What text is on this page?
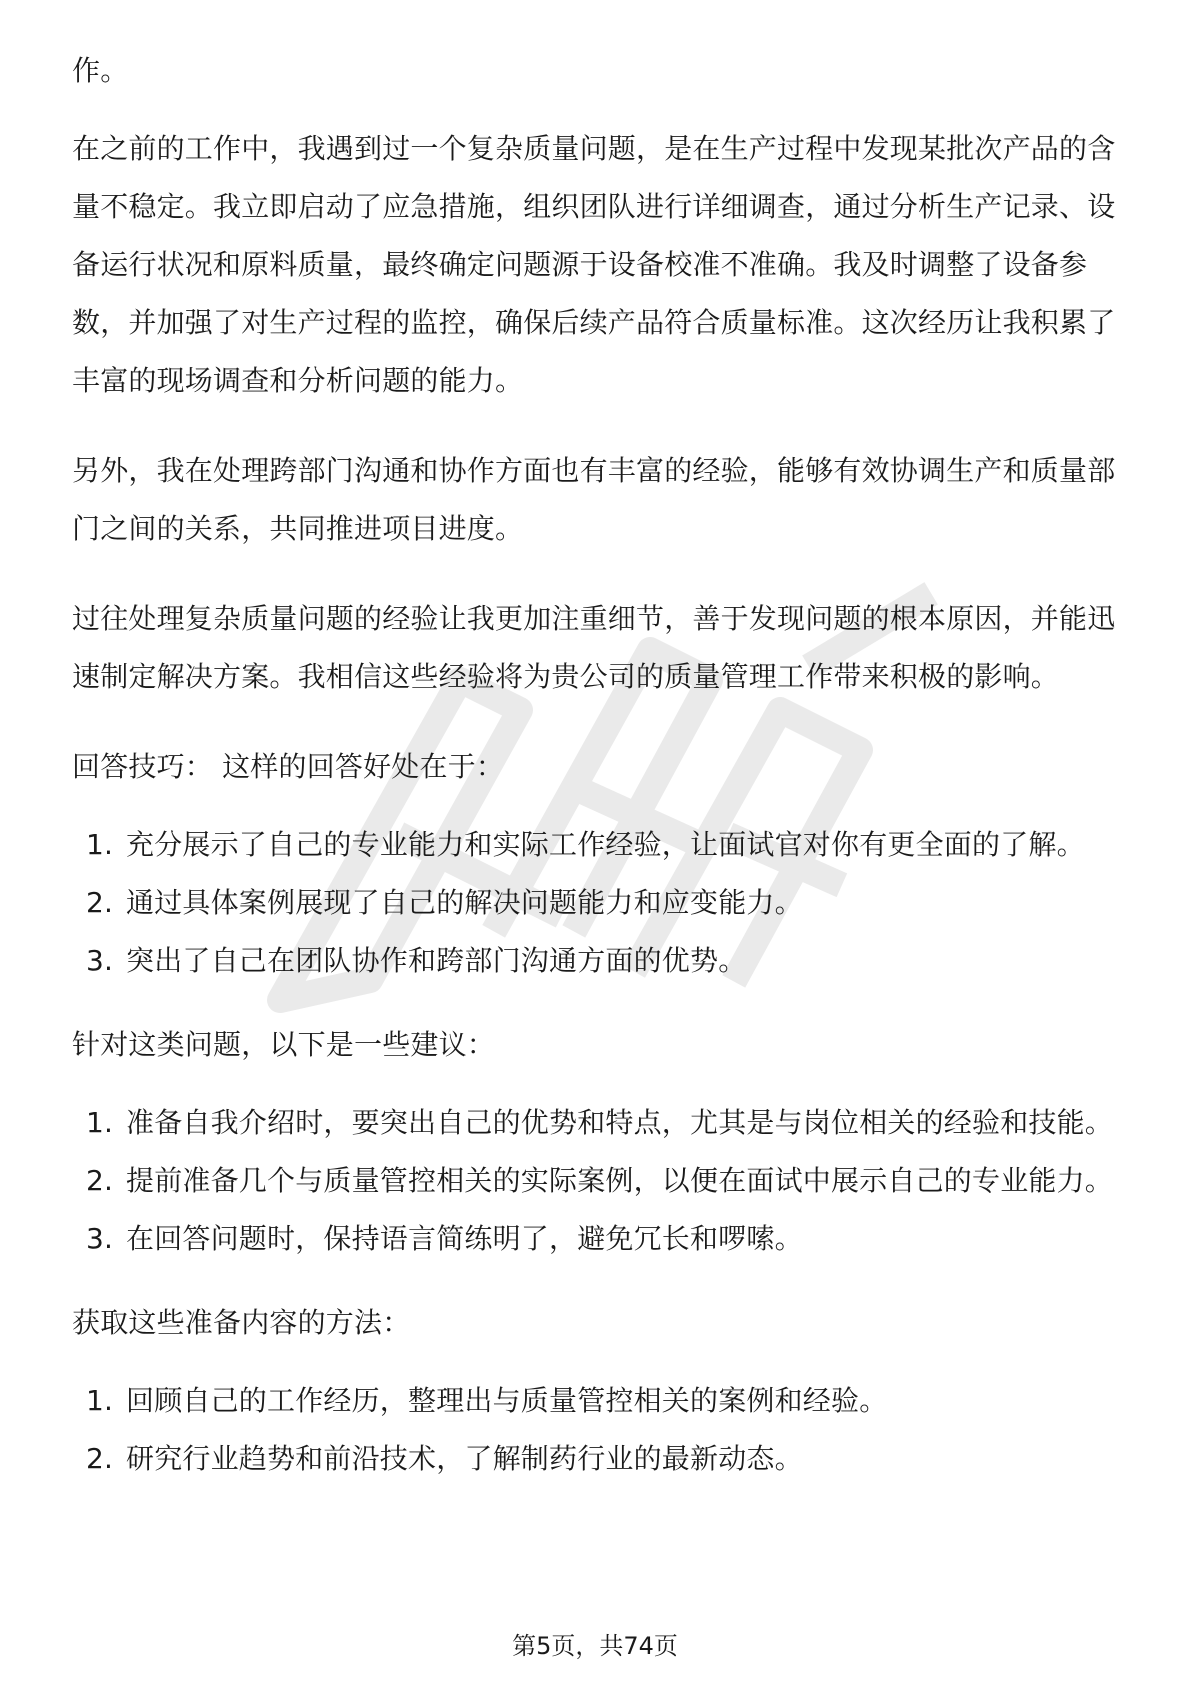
作。

在之前的工作中，我遇到过一个复杂质量问题，是在生产过程中发现某批次产品的含量不稳定。我立即启动了应急措施，组织团队进行详细调查，通过分析生产记录、设备运行状况和原料质量，最终确定问题源于设备校准不准确。我及时调整了设备参数，并加强了对生产过程的监控，确保后续产品符合质量标准。这次经历让我积累了丰富的现场调查和分析问题的能力。

另外，我在处理跨部门沟通和协作方面也有丰富的经验，能够有效协调生产和质量部门之间的关系，共同推进项目进度。

过往处理复杂质量问题的经验让我更加注重细节，善于发现问题的根本原因，并能迅速制定解决方案。我相信这些经验将为贵公司的质量管理工作带来积极的影响。

回答技巧： 这样的回答好处在于：

1. 充分展示了自己的专业能力和实际工作经验，让面试官对你有更全面的了解。
2. 通过具体案例展现了自己的解决问题能力和应变能力。
3. 突出了自己在团队协作和跨部门沟通方面的优势。

针对这类问题，以下是一些建议：

1. 准备自我介绍时，要突出自己的优势和特点，尤其是与岗位相关的经验和技能。
2. 提前准备几个与质量管控相关的实际案例，以便在面试中展示自己的专业能力。
3. 在回答问题时，保持语言简练明了，避免冗长和啰嗦。

获取这些准备内容的方法：

1. 回顾自己的工作经历，整理出与质量管控相关的案例和经验。
2. 研究行业趋势和前沿技术，了解制药行业的最新动态。
第5页，共74页
